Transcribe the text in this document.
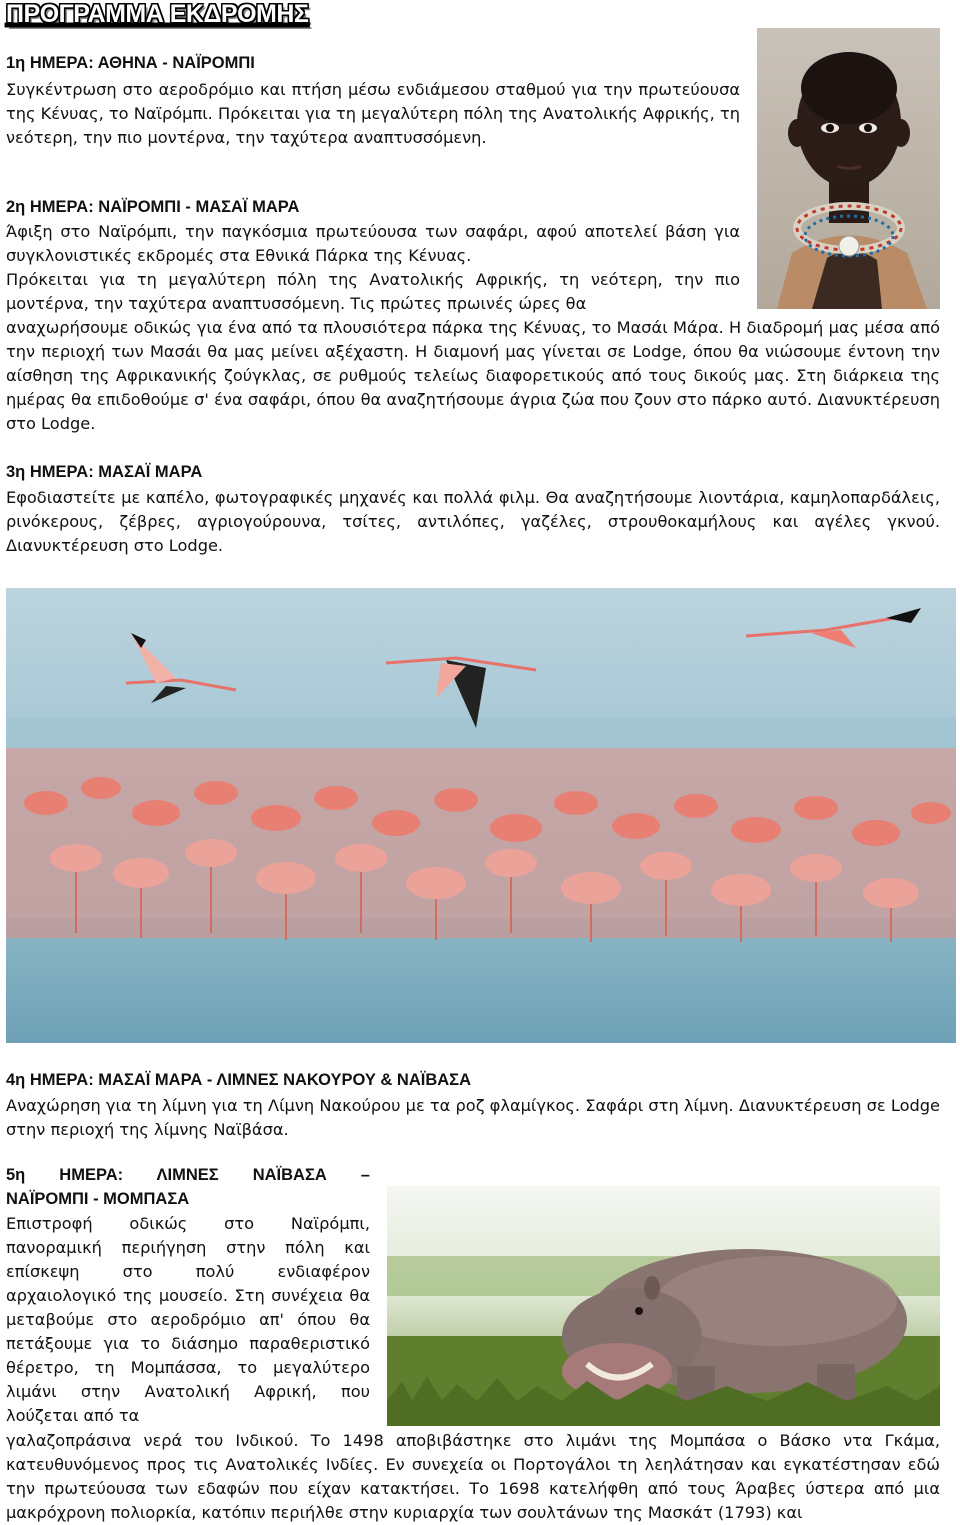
ΠΡΟΓΡΑΜΜΑ ΕΚΔΡΟΜΗΣ
1η ΗΜΕΡΑ: ΑΘΗΝΑ - ΝΑΪΡΟΜΠΙ

Συγκέντρωση στο αεροδρόμιο και πτήση μέσω ενδιάμεσου σταθμού για την πρωτεύουσα της Κένυας, το Ναϊρόμπι. Πρόκειται για τη μεγαλύτερη πόλη της Ανατολικής Αφρικής, τη νεότερη, την πιο μοντέρνα, την ταχύτερα αναπτυσσόμενη.

2η ΗΜΕΡΑ: ΝΑΪΡΟΜΠΙ - ΜΑΣΑΪ ΜΑΡΑ

Άφιξη στο Ναϊρόμπι, την παγκόσμια πρωτεύουσα των σαφάρι, αφού αποτελεί βάση για συγκλονιστικές εκδρομές στα Εθνικά Πάρκα της Κένυας.

Πρόκειται για τη μεγαλύτερη πόλη της Ανατολικής Αφρικής, τη νεότερη, την πιο μοντέρνα, την ταχύτερα αναπτυσσόμενη. Τις πρώτες πρωινές ώρες θα

αναχωρήσουμε οδικώς για ένα από τα πλουσιότερα πάρκα της Κένυας, το Μασάι Μάρα. Η διαδρομή μας μέσα από την περιοχή των Μασάι θα μας μείνει αξέχαστη. Η διαμονή μας γίνεται σε Lodge, όπου θα νιώσουμε έντονη την αίσθηση της Αφρικανικής ζούγκλας, σε ρυθμούς τελείως διαφορετικούς από τους δικούς μας. Στη διάρκεια της ημέρας θα επιδοθούμε σ' ένα σαφάρι, όπου θα αναζητήσουμε άγρια ζώα που ζουν στο πάρκο αυτό. Διανυκτέρευση στο Lodge.

3η ΗΜΕΡΑ: ΜΑΣΑΪ ΜΑΡΑ

Εφοδιαστείτε με καπέλο, φωτογραφικές μηχανές και πολλά φιλμ. Θα αναζητήσουμε λιοντάρια, καμηλοπαρδάλεις, ρινόκερους, ζέβρες, αγριογούρουνα, τσίτες, αντιλόπες, γαζέλες, στρουθοκαμήλους και αγέλες γκνού. Διανυκτέρευση στο Lodge.

4η ΗΜΕΡΑ: ΜΑΣΑΪ ΜΑΡΑ - ΛΙΜΝΕΣ ΝΑΚΟΥΡΟΥ & ΝΑΪΒΑΣΑ

Αναχώρηση για τη λίμνη για τη Λίμνη Νακούρου με τα ροζ φλαμίγκος. Σαφάρι στη λίμνη. Διανυκτέρευση σε Lodge στην περιοχή της λίμνης Ναϊβάσα.

5η ΗΜΕΡΑ: ΛΙΜΝΕΣ ΝΑΪΒΑΣΑ –
ΝΑΪΡΟΜΠΙ - ΜΟΜΠΑΣΑ

Επιστροφή οδικώς στο Ναϊρόμπι, πανοραμική περιήγηση στην πόλη και επίσκεψη στο πολύ ενδιαφέρον αρχαιολογικό της μουσείο. Στη συνέχεια θα μεταβούμε στο αεροδρόμιο απ' όπου θα πετάξουμε για το διάσημο παραθεριστικό θέρετρο, τη Μομπάσσα, το μεγαλύτερο λιμάνι στην Ανατολική Αφρική, που λούζεται από τα

γαλαζοπράσινα νερά του Ινδικού. Το 1498 αποβιβάστηκε στο λιμάνι της Μομπάσα ο Βάσκο ντα Γκάμα, κατευθυνόμενος προς τις Ανατολικές Ινδίες. Εν συνεχεία οι Πορτογάλοι τη λεηλάτησαν και εγκατέστησαν εδώ την πρωτεύουσα των εδαφών που είχαν κατακτήσει. Το 1698 κατελήφθη από τους Άραβες ύστερα από μια μακρόχρονη πολιορκία, κατόπιν περιήλθε στην κυριαρχία των σουλτάνων της Μασκάτ (1793) και
